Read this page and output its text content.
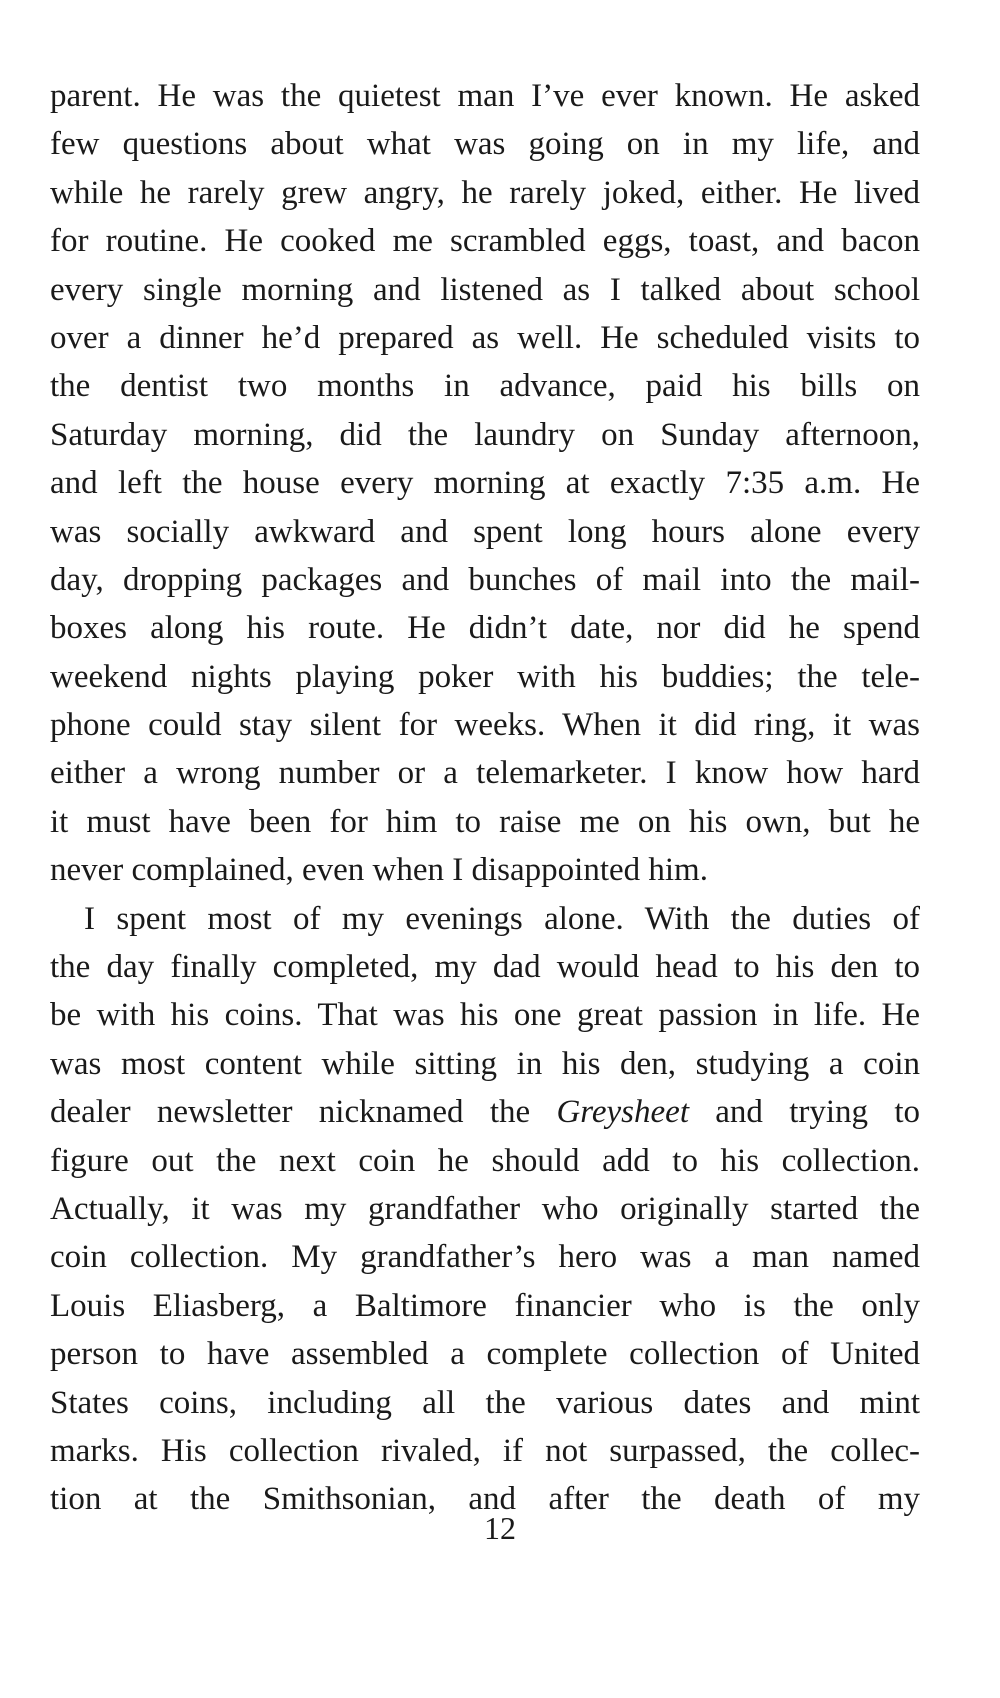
parent. He was the quietest man I’ve ever known. He asked
few questions about what was going on in my life, and
while he rarely grew angry, he rarely joked, either. He lived
for routine. He cooked me scrambled eggs, toast, and bacon
every single morning and listened as I talked about school
over a dinner he’d prepared as well. He scheduled visits to
the dentist two months in advance, paid his bills on
Saturday morning, did the laundry on Sunday afternoon,
and left the house every morning at exactly 7:35 a.m. He
was socially awkward and spent long hours alone every
day, dropping packages and bunches of mail into the mail-
boxes along his route. He didn’t date, nor did he spend
weekend nights playing poker with his buddies; the tele-
phone could stay silent for weeks. When it did ring, it was
either a wrong number or a telemarketer. I know how hard
it must have been for him to raise me on his own, but he
never complained, even when I disappointed him.
I spent most of my evenings alone. With the duties of
the day finally completed, my dad would head to his den to
be with his coins. That was his one great passion in life. He
was most content while sitting in his den, studying a coin
dealer newsletter nicknamed the Greysheet and trying to
figure out the next coin he should add to his collection.
Actually, it was my grandfather who originally started the
coin collection. My grandfather’s hero was a man named
Louis Eliasberg, a Baltimore financier who is the only
person to have assembled a complete collection of United
States coins, including all the various dates and mint
marks. His collection rivaled, if not surpassed, the collec-
tion at the Smithsonian, and after the death of my
12
